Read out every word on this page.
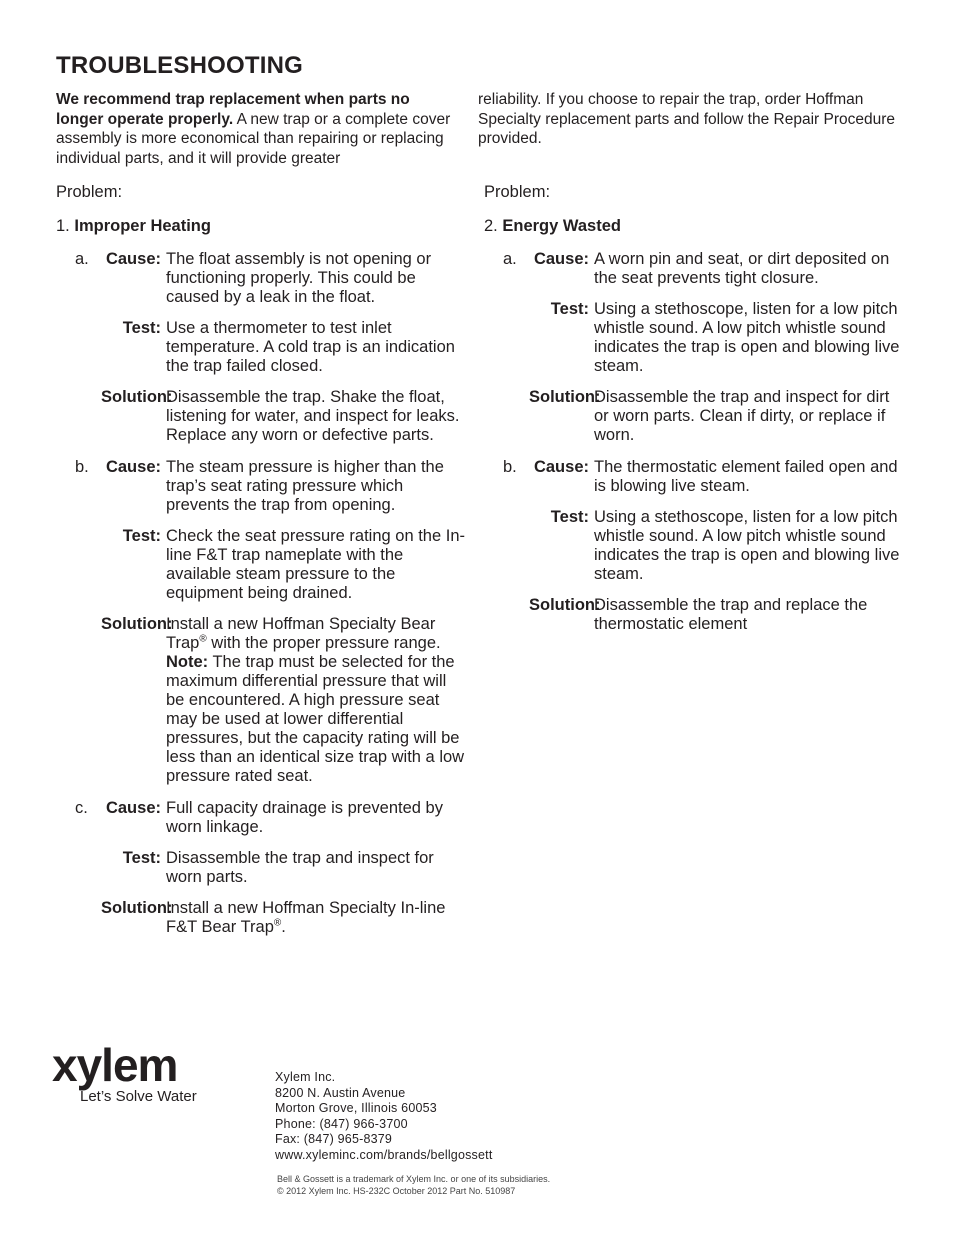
TROUBLESHOOTING
We recommend trap replacement when parts no longer operate properly. A new trap or a complete cover assembly is more economical than repairing or replacing individual parts, and it will provide greater
reliability. If you choose to repair the trap, order Hoffman Specialty replacement parts and follow the Repair Procedure provided.
Problem:
1. Improper Heating
a.	Cause: The float assembly is not opening or functioning properly. This could be caused by a leak in the float.
Test: Use a thermometer to test inlet temperature. A cold trap is an indication the trap failed closed.
Solution:
Disassemble the trap. Shake the float, listening for water, and inspect for leaks. Replace any worn or defective parts.
b.	Cause: The steam pressure is higher than the trap’s seat rating pressure which prevents the trap from opening.
Test: Check the seat pressure rating on the In-line F&T trap nameplate with the available steam pressure to the equipment being drained.
Solution:
Install a new Hoffman Specialty Bear Trap® with the proper pressure range.
Note: The trap must be selected for the maximum differential pressure that will be encountered. A high pressure seat may be used at lower differential pressures, but the capacity rating will be less than an identical size trap with a low pressure rated seat.
c.	Cause: Full capacity drainage is prevented by worn linkage.
Test: Disassemble the trap and inspect for worn parts.
Solution:
Install a new Hoffman Specialty In-line F&T Bear Trap®.
Problem:
2. Energy Wasted
a.	Cause: A worn pin and seat, or dirt deposited on the seat prevents tight closure.
Test: Using a stethoscope, listen for a low pitch whistle sound. A low pitch whistle sound indicates the trap is open and blowing live steam.
Solution:
Disassemble the trap and inspect for dirt or worn parts. Clean if dirty, or replace if worn.
b.	Cause: The thermostatic element failed open and is blowing live steam.
Test: Using a stethoscope, listen for a low pitch whistle sound. A low pitch whistle sound indicates the trap is open and blowing live steam.
Solution:
Disassemble the trap and replace the thermostatic element
xylem
Let’s Solve Water
Xylem Inc.
8200 N. Austin Avenue
Morton Grove, Illinois 60053
Phone: (847) 966-3700
Fax: (847) 965-8379
www.xyleminc.com/brands/bellgossett
Bell & Gossett is a trademark of Xylem Inc. or one of its subsidiaries.
© 2012 Xylem Inc. HS-232C October 2012 Part No. 510987
